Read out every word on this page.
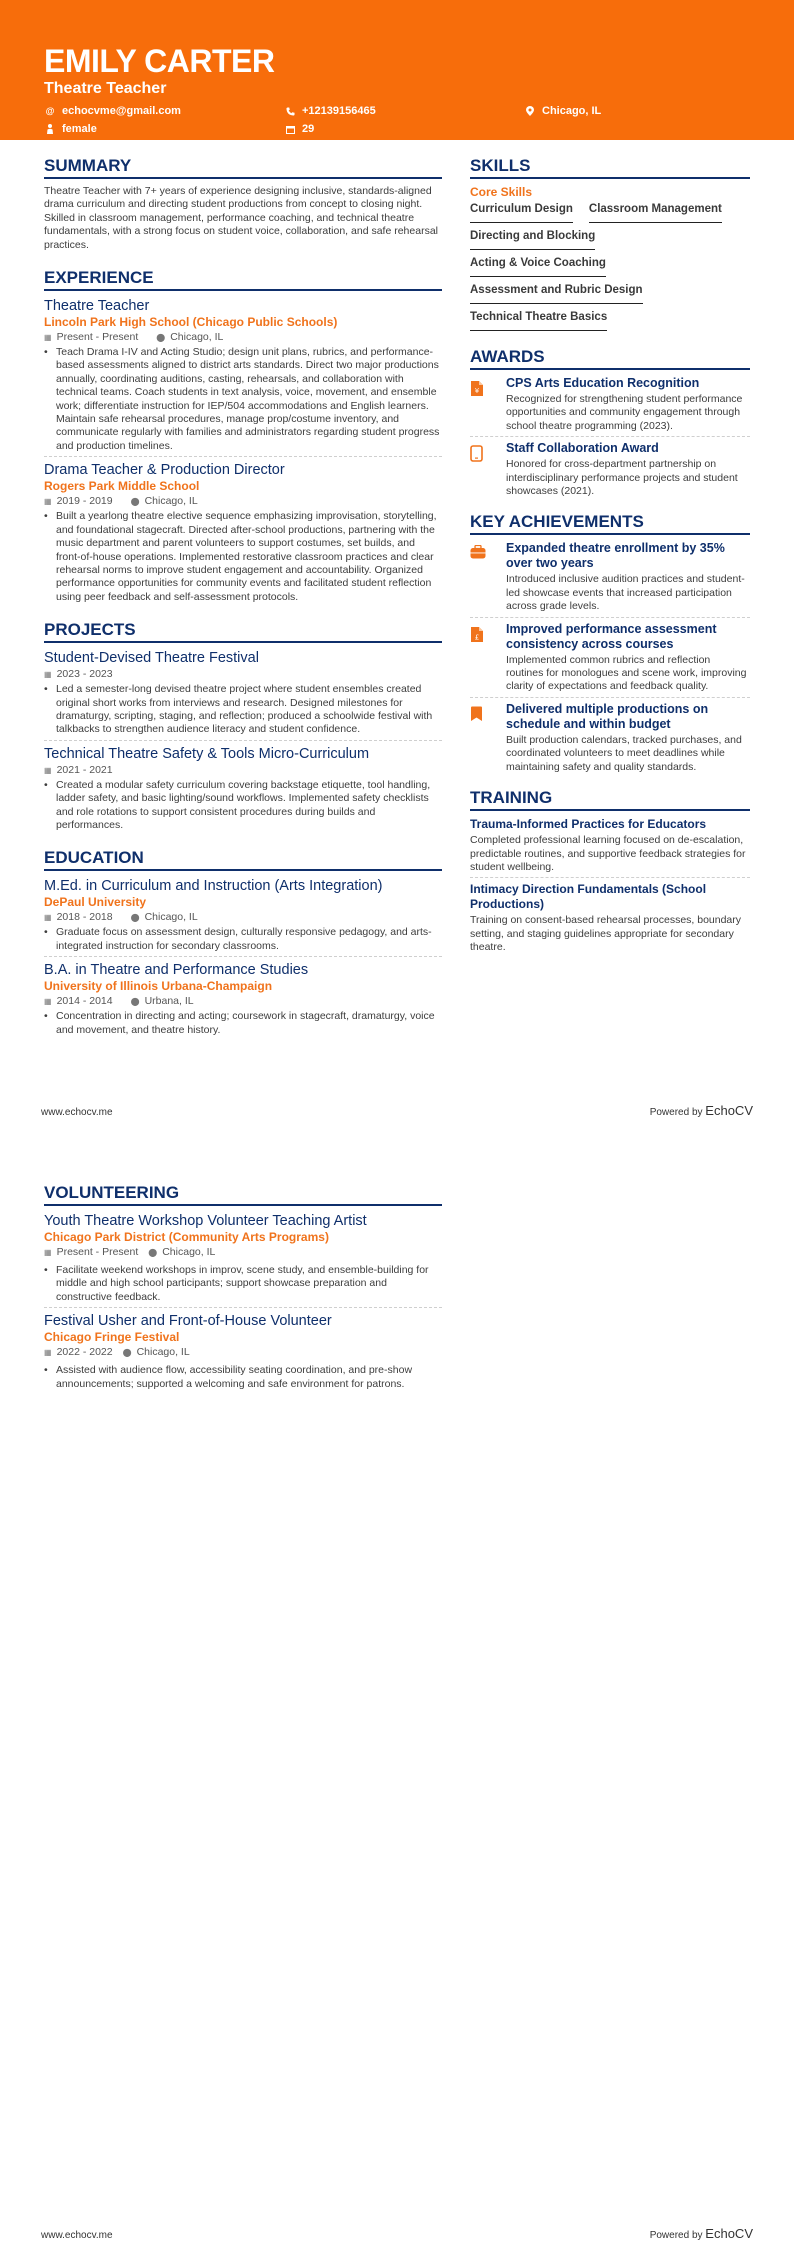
EMILY CARTER
Theatre Teacher
@ echocvme@gmail.com	+12139156465	Chicago, IL
female	29
SUMMARY
Theatre Teacher with 7+ years of experience designing inclusive, standards-aligned drama curriculum and directing student productions from concept to closing night. Skilled in classroom management, performance coaching, and technical theatre fundamentals, with a strong focus on student voice, collaboration, and safe rehearsal practices.
EXPERIENCE
Theatre Teacher
Lincoln Park High School (Chicago Public Schools)
▦ Present - Present ⬤ Chicago, IL
• Teach Drama I-IV and Acting Studio; design unit plans, rubrics, and performance-based assessments aligned to district arts standards. Direct two major productions annually, coordinating auditions, casting, rehearsals, and collaboration with technical teams. Coach students in text analysis, voice, movement, and ensemble work; differentiate instruction for IEP/504 accommodations and English learners. Maintain safe rehearsal procedures, manage prop/costume inventory, and communicate regularly with families and administrators regarding student progress and production timelines.
Drama Teacher & Production Director
Rogers Park Middle School
▦ 2019 - 2019 ⬤ Chicago, IL
• Built a yearlong theatre elective sequence emphasizing improvisation, storytelling, and foundational stagecraft. Directed after-school productions, partnering with the music department and parent volunteers to support costumes, set builds, and front-of-house operations. Implemented restorative classroom practices and clear rehearsal norms to improve student engagement and accountability. Organized performance opportunities for community events and facilitated student reflection using peer feedback and self-assessment protocols.
PROJECTS
Student-Devised Theatre Festival
▦ 2023 - 2023
• Led a semester-long devised theatre project where student ensembles created original short works from interviews and research. Designed milestones for dramaturgy, scripting, staging, and reflection; produced a schoolwide festival with talkbacks to strengthen audience literacy and student confidence.
Technical Theatre Safety & Tools Micro-Curriculum
▦ 2021 - 2021
• Created a modular safety curriculum covering backstage etiquette, tool handling, ladder safety, and basic lighting/sound workflows. Implemented safety checklists and role rotations to support consistent procedures during builds and performances.
EDUCATION
M.Ed. in Curriculum and Instruction (Arts Integration)
DePaul University
▦ 2018 - 2018 ⬤ Chicago, IL
• Graduate focus on assessment design, culturally responsive pedagogy, and arts-integrated instruction for secondary classrooms.
B.A. in Theatre and Performance Studies
University of Illinois Urbana-Champaign
▦ 2014 - 2014 ⬤ Urbana, IL
• Concentration in directing and acting; coursework in stagecraft, dramaturgy, voice and movement, and theatre history.
SKILLS
Core Skills
Curriculum Design Classroom Management
Directing and Blocking
Acting & Voice Coaching
Assessment and Rubric Design
Technical Theatre Basics
AWARDS
¥
CPS Arts Education Recognition
Recognized for strengthening student performance opportunities and community engagement through school theatre programming (2023).
Staff Collaboration Award
Honored for cross-department partnership on interdisciplinary performance projects and student showcases (2021).
KEY ACHIEVEMENTS
Expanded theatre enrollment by 35% over two years
Introduced inclusive audition practices and student-led showcase events that increased participation across grade levels.
£
Improved performance assessment consistency across courses
Implemented common rubrics and reflection routines for monologues and scene work, improving clarity of expectations and feedback quality.
Delivered multiple productions on schedule and within budget
Built production calendars, tracked purchases, and coordinated volunteers to meet deadlines while maintaining safety and quality standards.
TRAINING
Trauma-Informed Practices for Educators
Completed professional learning focused on de-escalation, predictable routines, and supportive feedback strategies for student wellbeing.
Intimacy Direction Fundamentals (School Productions)
Training on consent-based rehearsal processes, boundary setting, and staging guidelines appropriate for secondary theatre.
www.echocv.me	Powered by EchoCV
VOLUNTEERING
Youth Theatre Workshop Volunteer Teaching Artist
Chicago Park District (Community Arts Programs)
▦ Present - Present ⬤ Chicago, IL
• Facilitate weekend workshops in improv, scene study, and ensemble-building for middle and high school participants; support showcase preparation and constructive feedback.
Festival Usher and Front-of-House Volunteer
Chicago Fringe Festival
▦ 2022 - 2022 ⬤ Chicago, IL
• Assisted with audience flow, accessibility seating coordination, and pre-show announcements; supported a welcoming and safe environment for patrons.
www.echocv.me	Powered by EchoCV
